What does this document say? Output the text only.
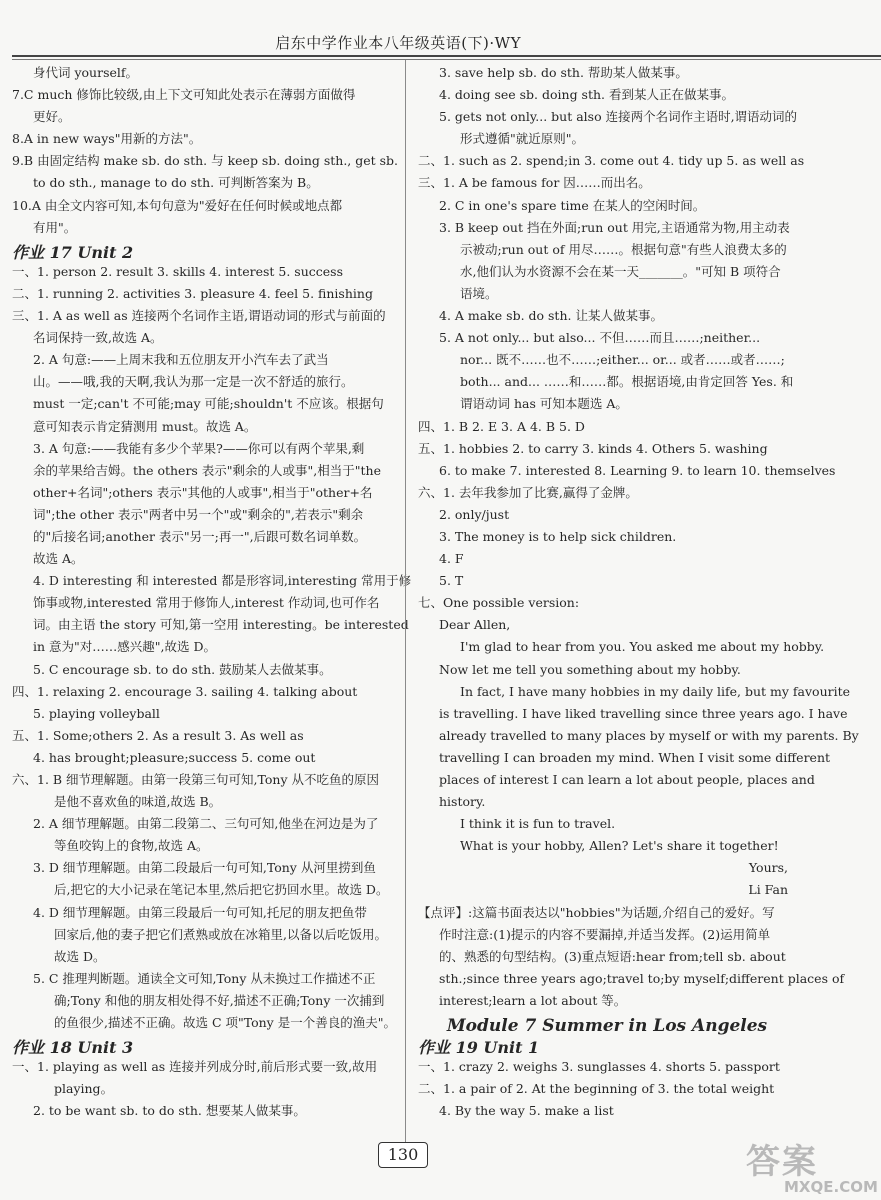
启东中学作业本八年级英语(下)·WY
身代词 yourself。
7.C much 修饰比较级,由上下文可知此处表示在薄弱方面做得
更好。
8.A in new ways"用新的方法"。
9.B 由固定结构 make sb. do sth. 与 keep sb. doing sth., get sb.
to do sth., manage to do sth. 可判断答案为 B。
10.A 由全文内容可知,本句句意为"爱好在任何时候或地点都
有用"。
作业 17 Unit 2
一、1. person 2. result 3. skills 4. interest 5. success
二、1. running 2. activities 3. pleasure 4. feel 5. finishing
三、1. A as well as 连接两个名词作主语,谓语动词的形式与前面的
名词保持一致,故选 A。
2. A 句意:——上周末我和五位朋友开小汽车去了武当
山。——哦,我的天啊,我认为那一定是一次不舒适的旅行。
must 一定;can't 不可能;may 可能;shouldn't 不应该。根据句
意可知表示肯定猜测用 must。故选 A。
3. A 句意:——我能有多少个苹果?——你可以有两个苹果,剩
余的苹果给吉姆。the others 表示"剩余的人或事",相当于"the
other+名词";others 表示"其他的人或事",相当于"other+名
词";the other 表示"两者中另一个"或"剩余的",若表示"剩余
的"后接名词;another 表示"另一;再一",后跟可数名词单数。
故选 A。
4. D interesting 和 interested 都是形容词,interesting 常用于修
饰事或物,interested 常用于修饰人,interest 作动词,也可作名
词。由主语 the story 可知,第一空用 interesting。be interested
in 意为"对……感兴趣",故选 D。
5. C encourage sb. to do sth. 鼓励某人去做某事。
四、1. relaxing 2. encourage 3. sailing 4. talking about
5. playing volleyball
五、1. Some;others 2. As a result 3. As well as
4. has brought;pleasure;success 5. come out
六、1. B 细节理解题。由第一段第三句可知,Tony 从不吃鱼的原因
是他不喜欢鱼的味道,故选 B。
2. A 细节理解题。由第二段第二、三句可知,他坐在河边是为了
等鱼咬钩上的食物,故选 A。
3. D 细节理解题。由第二段最后一句可知,Tony 从河里捞到鱼
后,把它的大小记录在笔记本里,然后把它扔回水里。故选 D。
4. D 细节理解题。由第三段最后一句可知,托尼的朋友把鱼带
回家后,他的妻子把它们煮熟或放在冰箱里,以备以后吃饭用。
故选 D。
5. C 推理判断题。通读全文可知,Tony 从未换过工作描述不正
确;Tony 和他的朋友相处得不好,描述不正确;Tony 一次捕到
的鱼很少,描述不正确。故选 C 项"Tony 是一个善良的渔夫"。
作业 18 Unit 3
一、1. playing as well as 连接并列成分时,前后形式要一致,故用
playing。
2. to be want sb. to do sth. 想要某人做某事。
3. save help sb. do sth. 帮助某人做某事。
4. doing see sb. doing sth. 看到某人正在做某事。
5. gets not only... but also 连接两个名词作主语时,谓语动词的
形式遵循"就近原则"。
二、1. such as 2. spend;in 3. come out 4. tidy up 5. as well as
三、1. A be famous for 因……而出名。
2. C in one's spare time 在某人的空闲时间。
3. B keep out 挡在外面;run out 用完,主语通常为物,用主动表
示被动;run out of 用尽……。根据句意"有些人浪费太多的
水,他们认为水资源不会在某一天_______。"可知 B 项符合
语境。
4. A make sb. do sth. 让某人做某事。
5. A not only... but also... 不但……而且……;neither...
nor... 既不……也不……;either... or... 或者……或者……;
both... and... ……和……都。根据语境,由肯定回答 Yes. 和
谓语动词 has 可知本题选 A。
四、1. B 2. E 3. A 4. B 5. D
五、1. hobbies 2. to carry 3. kinds 4. Others 5. washing
6. to make 7. interested 8. Learning 9. to learn 10. themselves
六、1. 去年我参加了比赛,赢得了金牌。
2. only/just
3. The money is to help sick children.
4. F
5. T
七、One possible version:
Dear Allen,
I'm glad to hear from you. You asked me about my hobby.
Now let me tell you something about my hobby.
In fact, I have many hobbies in my daily life, but my favourite
is travelling. I have liked travelling since three years ago. I have
already travelled to many places by myself or with my parents. By
travelling I can broaden my mind. When I visit some different
places of interest I can learn a lot about people, places and
history.
I think it is fun to travel.
What is your hobby, Allen? Let's share it together!
Yours,
Li Fan
【点评】:这篇书面表达以"hobbies"为话题,介绍自己的爱好。写
作时注意:(1)提示的内容不要漏掉,并适当发挥。(2)运用简单
的、熟悉的句型结构。(3)重点短语:hear from;tell sb. about
sth.;since three years ago;travel to;by myself;different places of
interest;learn a lot about 等。
Module 7 Summer in Los Angeles
作业 19 Unit 1
一、1. crazy 2. weighs 3. sunglasses 4. shorts 5. passport
二、1. a pair of 2. At the beginning of 3. the total weight
4. By the way 5. make a list
130	答案
MXQE.COM
